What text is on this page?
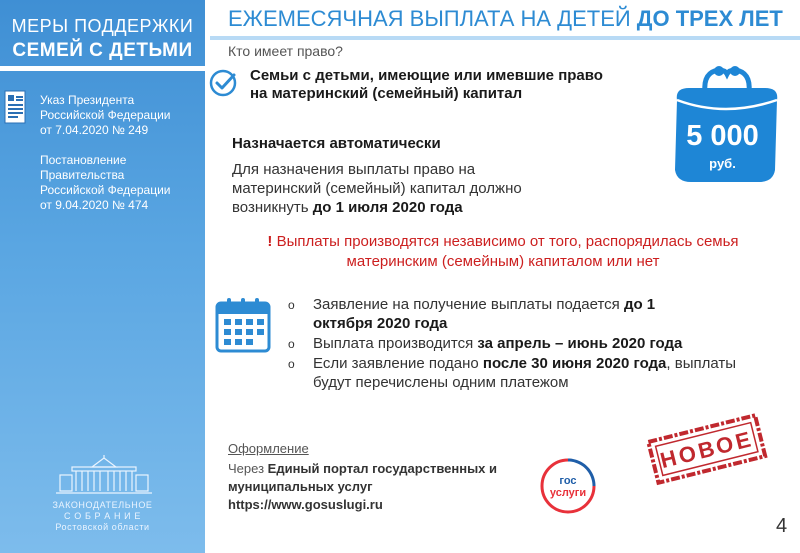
МЕРЫ ПОДДЕРЖКИ
СЕМЕЙ С ДЕТЬМИ
Указ Президента
Российской Федерации
от 7.04.2020 № 249
Постановление
Правительства
Российской Федерации
от 9.04.2020 № 474
ЗАКОНОДАТЕЛЬНОЕ
С О Б Р А Н И Е
Ростовской области
ЕЖЕМЕСЯЧНАЯ ВЫПЛАТА НА ДЕТЕЙ ДО ТРЕХ ЛЕТ
Кто имеет право?
Семьи с детьми, имеющие или имевшие право на материнский (семейный) капитал
Назначается автоматически
Для назначения выплаты право на материнский (семейный) капитал должно возникнуть до 1 июля 2020 года
! Выплаты производятся независимо от того, распорядилась семья материнским (семейным) капиталом или нет
o Заявление на получение выплаты подается до 1 октября 2020 года
o Выплата производится за апрель – июнь 2020 года
o Если заявление подано после 30 июня 2020 года, выплаты будут перечислены одним платежом
Оформление
Через Единый портал государственных и муниципальных услуг
https://www.gosuslugi.ru
гос
услуги
НОВОЕ
5 000
руб.
4
